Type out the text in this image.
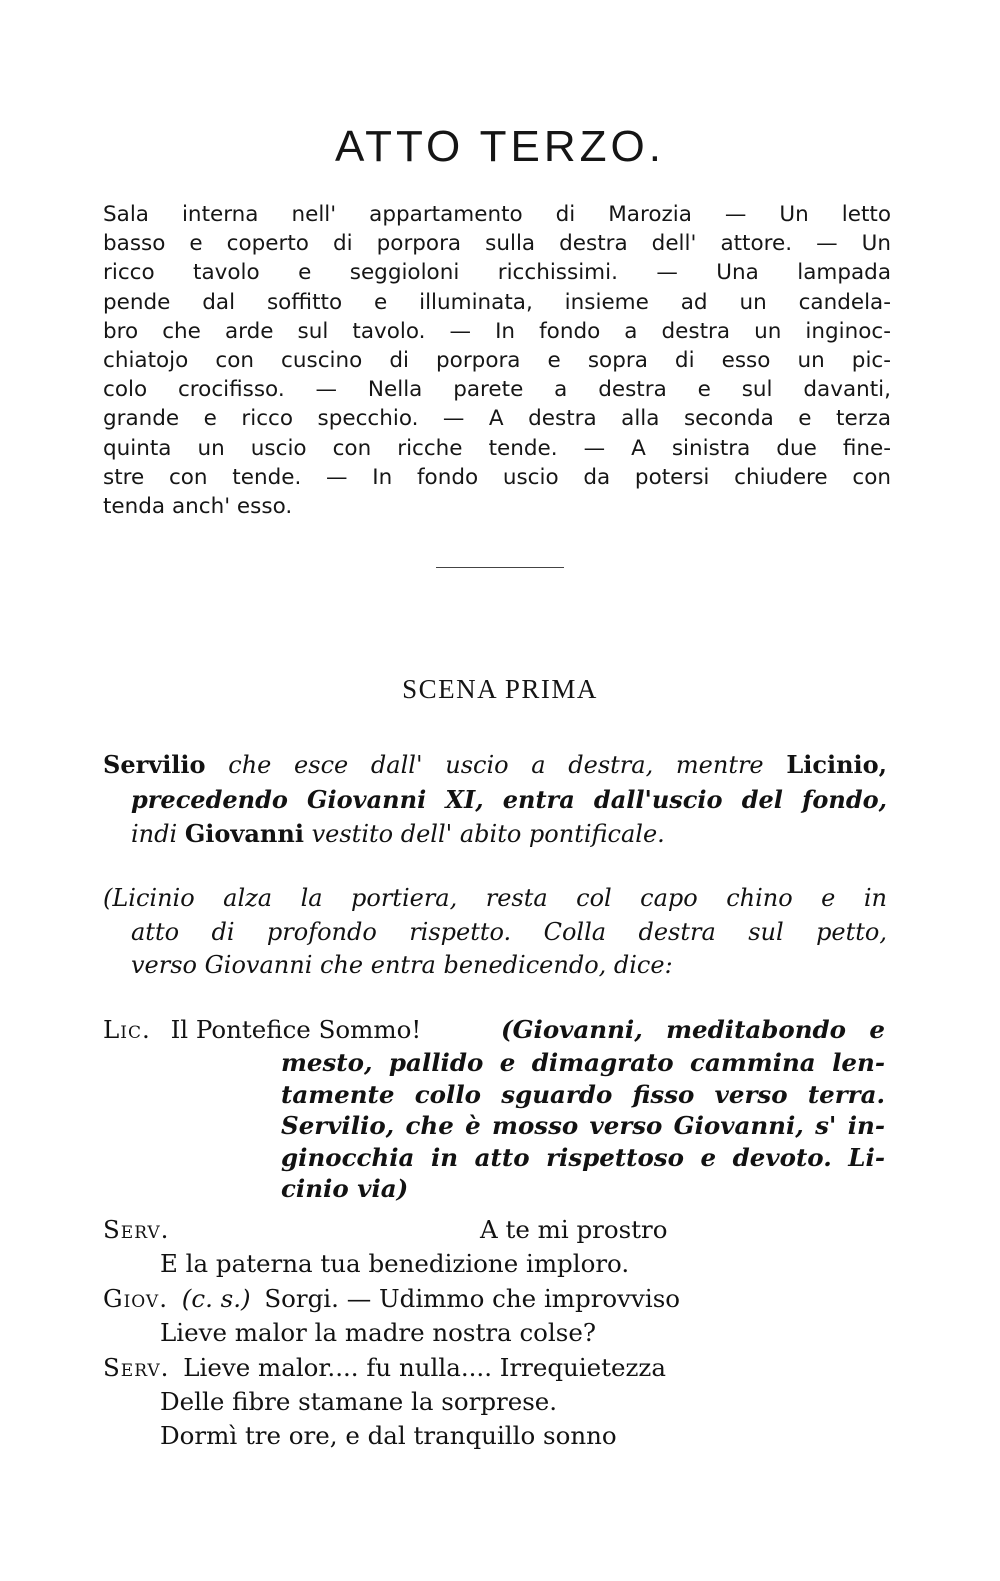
ATTO TERZO.
Sala interna nell' appartamento di Marozia — Un letto
basso e coperto di porpora sulla destra dell' attore. — Un
ricco tavolo e seggioloni ricchissimi. — Una lampada
pende dal soffitto e illuminata, insieme ad un candela-
bro che arde sul tavolo. — In fondo a destra un inginoc-
chiatojo con cuscino di porpora e sopra di esso un pic-
colo crocifisso. — Nella parete a destra e sul davanti,
grande e ricco specchio. — A destra alla seconda e terza
quinta un uscio con ricche tende. — A sinistra due fine-
stre con tende. — In fondo uscio da potersi chiudere con
tenda anch' esso.
SCENA PRIMA
Servilio che esce dall' uscio a destra, mentre Licinio,
precedendo Giovanni XI, entra dall'uscio del fondo,
indi Giovanni vestito dell' abito pontificale.
(Licinio alza la portiera, resta col capo chino e in
atto di profondo rispetto. Colla destra sul petto,
verso Giovanni che entra benedicendo, dice:
Lic. Il Pontefice Sommo!	(Giovanni, meditabondo e
mesto, pallido e dimagrato cammina len-
tamente collo sguardo fisso verso terra.
Servilio, che è mosso verso Giovanni, s' in-
ginocchia in atto rispettoso e devoto. Li-
cinio via)
Serv.	A te mi prostro
E la paterna tua benedizione imploro.
Giov. (c. s.) Sorgi. — Udimmo che improvviso
Lieve malor la madre nostra colse?
Serv. Lieve malor.... fu nulla.... Irrequietezza
Delle fibre stamane la sorprese.
Dormì tre ore, e dal tranquillo sonno
